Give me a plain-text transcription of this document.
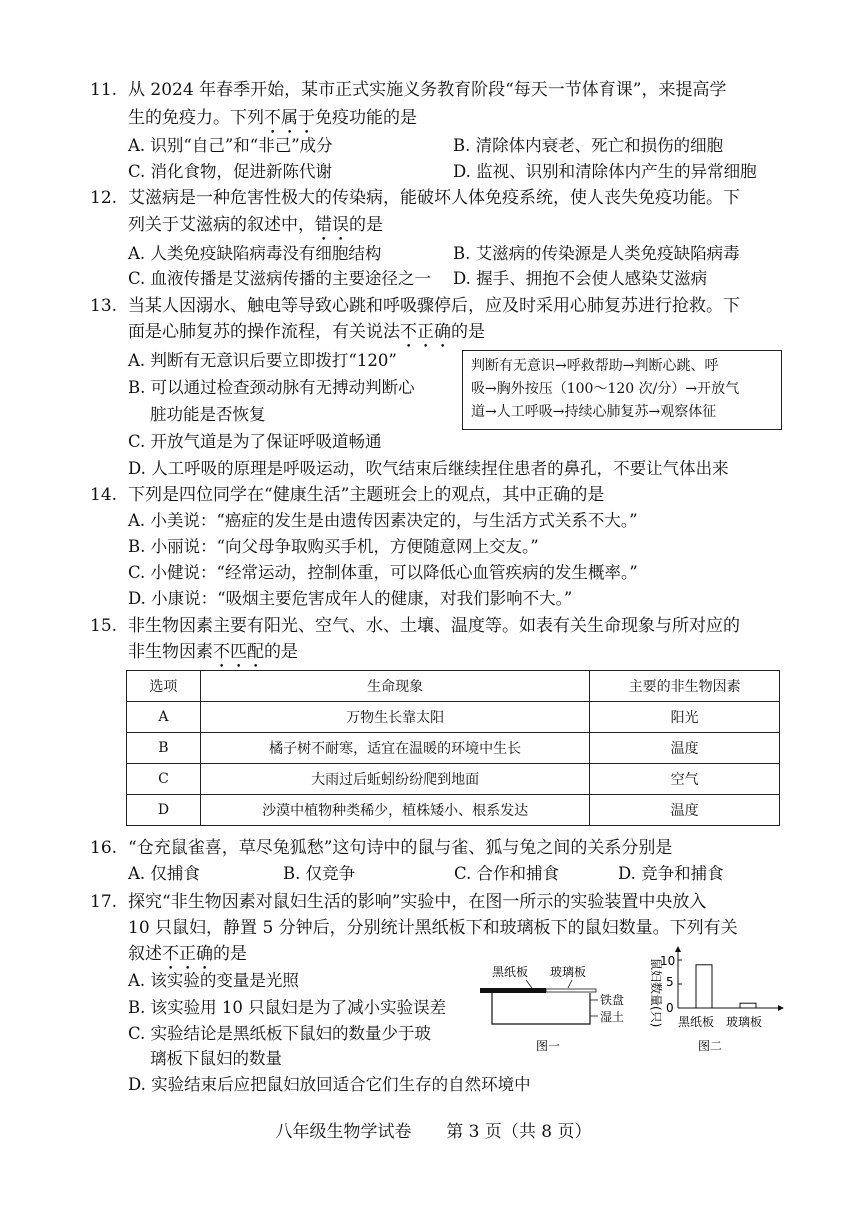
11. 从 2024 年春季开始，某市正式实施义务教育阶段“每天一节体育课”，来提高学
生的免疫力。下列不属于免疫功能的是
A. 识别“自己”和“非己”成分	B. 清除体内衰老、死亡和损伤的细胞
C. 消化食物，促进新陈代谢	D. 监视、识别和清除体内产生的异常细胞
12. 艾滋病是一种危害性极大的传染病，能破坏人体免疫系统，使人丧失免疫功能。下
列关于艾滋病的叙述中，错误的是
A. 人类免疫缺陷病毒没有细胞结构	B. 艾滋病的传染源是人类免疫缺陷病毒
C. 血液传播是艾滋病传播的主要途径之一 D. 握手、拥抱不会使人感染艾滋病
13. 当某人因溺水、触电等导致心跳和呼吸骤停后，应及时采用心肺复苏进行抢救。下
面是心肺复苏的操作流程，有关说法不正确的是
A. 判断有无意识后要立即拨打“120”
B. 可以通过检查颈动脉有无搏动判断心
脏功能是否恢复
C. 开放气道是为了保证呼吸道畅通
D. 人工呼吸的原理是呼吸运动，吹气结束后继续捏住患者的鼻孔，不要让气体出来
判断有无意识→呼救帮助→判断心跳、呼
吸→胸外按压（100～120 次/分）→开放气
道→人工呼吸→持续心肺复苏→观察体征
14. 下列是四位同学在“健康生活”主题班会上的观点，其中正确的是
A. 小美说：“癌症的发生是由遗传因素决定的，与生活方式关系不大。”
B. 小丽说：“向父母争取购买手机，方便随意网上交友。”
C. 小健说：“经常运动，控制体重，可以降低心血管疾病的发生概率。”
D. 小康说：“吸烟主要危害成年人的健康，对我们影响不大。”
15. 非生物因素主要有阳光、空气、水、土壤、温度等。如表有关生命现象与所对应的
非生物因素不匹配的是
选项	生命现象	主要的非生物因素
A	万物生长靠太阳	阳光
B	橘子树不耐寒，适宜在温暖的环境中生长	温度
C	大雨过后蚯蚓纷纷爬到地面	空气
D	沙漠中植物种类稀少，植株矮小、根系发达	温度
16. “仓充鼠雀喜，草尽兔狐愁”这句诗中的鼠与雀、狐与兔之间的关系分别是
A. 仅捕食	B. 仅竞争	C. 合作和捕食	D. 竞争和捕食
17. 探究“非生物因素对鼠妇生活的影响”实验中，在图一所示的实验装置中央放入
10 只鼠妇，静置 5 分钟后，分别统计黑纸板下和玻璃板下的鼠妇数量。下列有关
叙述不正确的是
A. 该实验的变量是光照
B. 该实验用 10 只鼠妇是为了减小实验误差
C. 实验结论是黑纸板下鼠妇的数量少于玻
璃板下鼠妇的数量
D. 实验结束后应把鼠妇放回适合它们生存的自然环境中
黑纸板 玻璃板
铁盘
湿土
图一
鼠妇数量(只)
10
5
0
黑纸板 玻璃板
图二
八年级生物学试卷 第 3 页（共 8 页）
